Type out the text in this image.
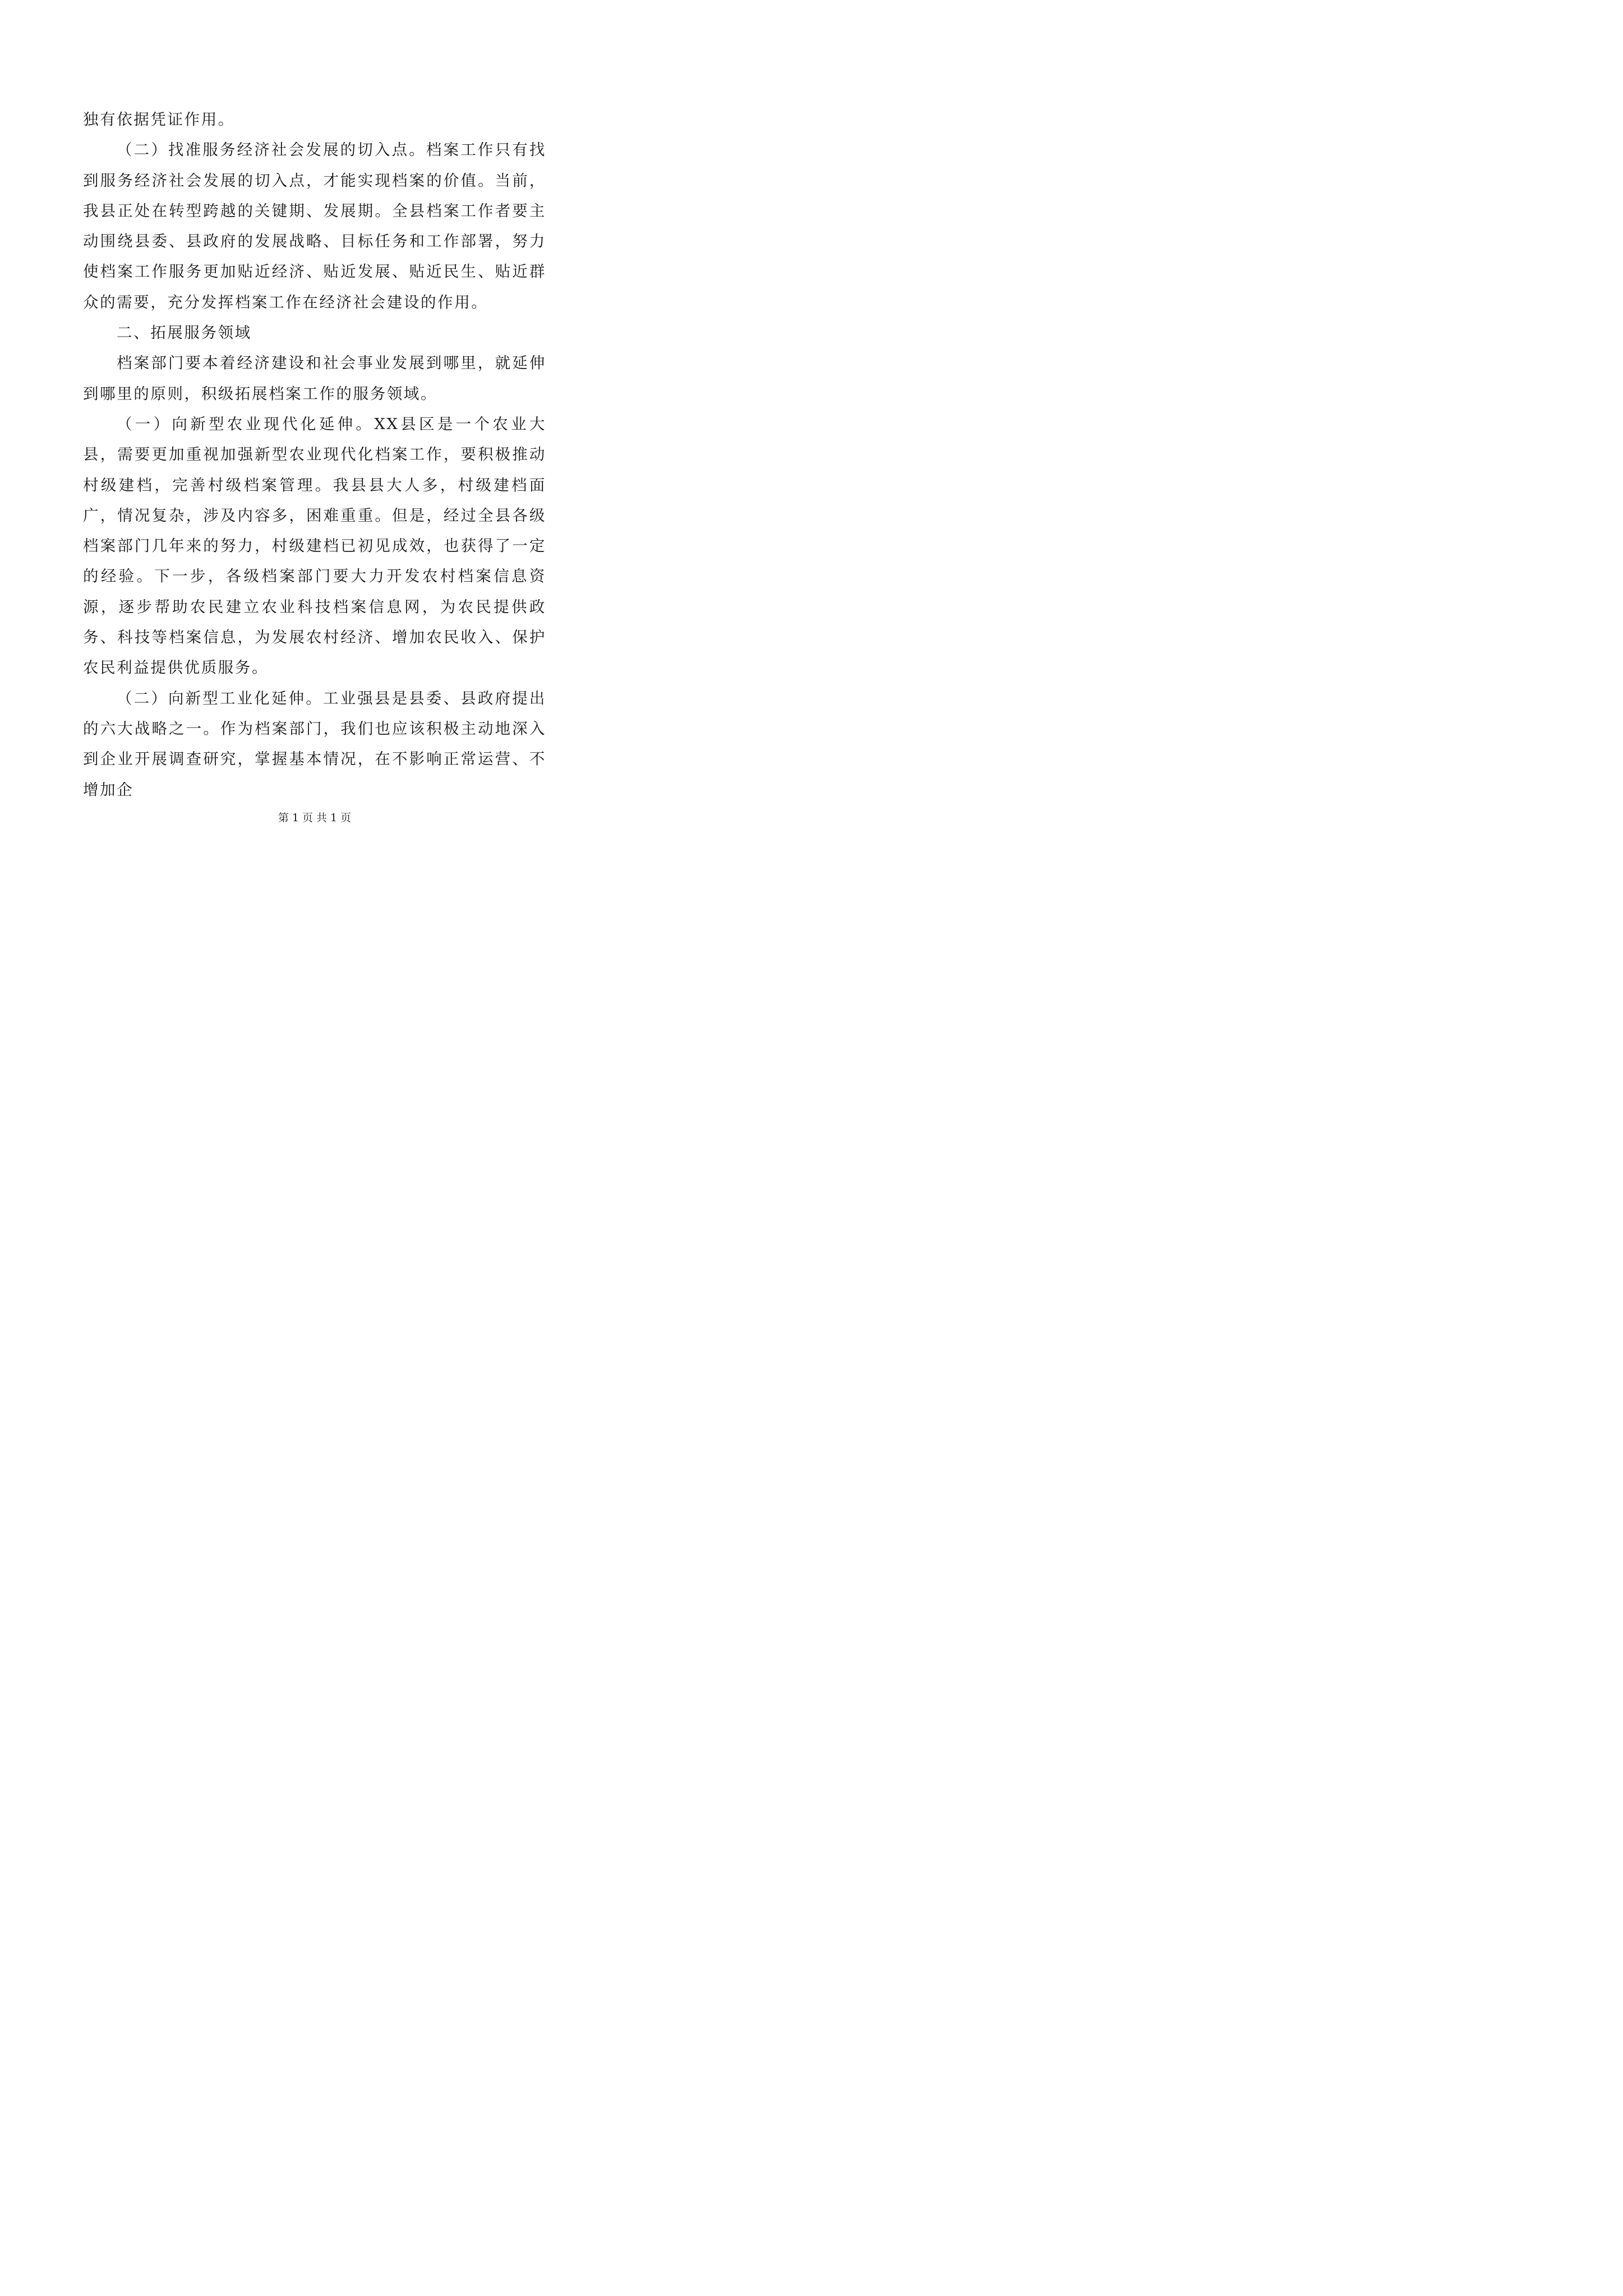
独有依据凭证作用。

（二）找准服务经济社会发展的切入点。档案工作只有找到服务经济社会发展的切入点，才能实现档案的价值。当前，我县正处在转型跨越的关键期、发展期。全县档案工作者要主动围绕县委、县政府的发展战略、目标任务和工作部署，努力使档案工作服务更加贴近经济、贴近发展、贴近民生、贴近群众的需要，充分发挥档案工作在经济社会建设的作用。

二、拓展服务领域

档案部门要本着经济建设和社会事业发展到哪里，就延伸到哪里的原则，积级拓展档案工作的服务领域。

（一）向新型农业现代化延伸。XX县区是一个农业大县，需要更加重视加强新型农业现代化档案工作，要积极推动村级建档，完善村级档案管理。我县县大人多，村级建档面广，情况复杂，涉及内容多，困难重重。但是，经过全县各级档案部门几年来的努力，村级建档已初见成效，也获得了一定的经验。下一步，各级档案部门要大力开发农村档案信息资源，逐步帮助农民建立农业科技档案信息网，为农民提供政务、科技等档案信息，为发展农村经济、增加农民收入、保护农民利益提供优质服务。

（二）向新型工业化延伸。工业强县是县委、县政府提出的六大战略之一。作为档案部门，我们也应该积极主动地深入到企业开展调查研究，掌握基本情况，在不影响正常运营、不增加企

第 1 页 共 1 页
